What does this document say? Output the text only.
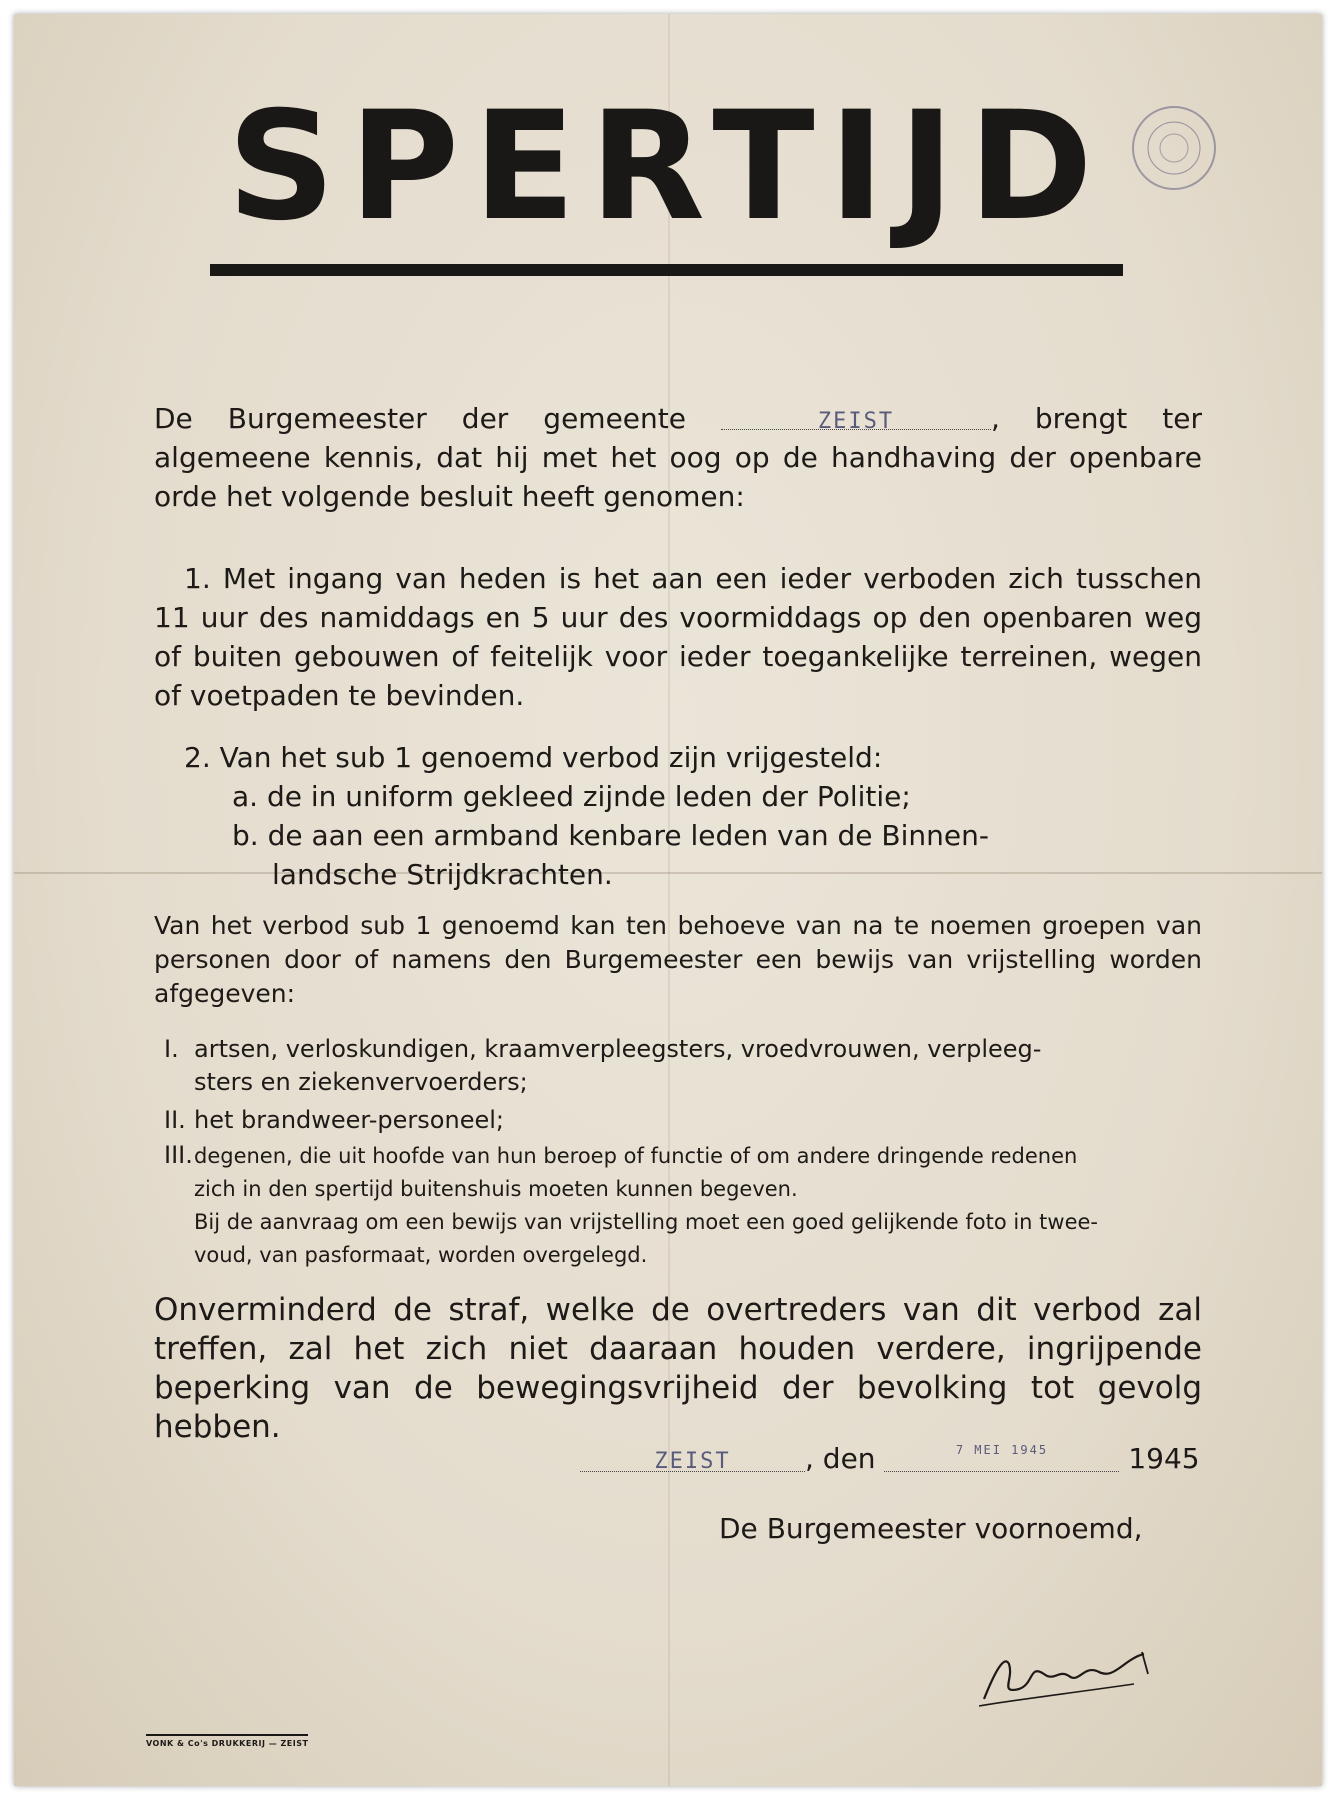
SPERTIJD
De Burgemeester der gemeente	ZEIST	, brengt ter algemeene kennis, dat hij met het oog op de handhaving der openbare orde het volgende besluit heeft genomen:
1. Met ingang van heden is het aan een ieder verboden zich tusschen 11 uur des namiddags en 5 uur des voormiddags op den openbaren weg of buiten gebouwen of feitelijk voor ieder toegankelijke terreinen, wegen of voetpaden te bevinden.
2. Van het sub 1 genoemd verbod zijn vrijgesteld:
a. de in uniform gekleed zijnde leden der Politie;
b. de aan een armband kenbare leden van de Binnen-
landsche Strijdkrachten.
Van het verbod sub 1 genoemd kan ten behoeve van na te noemen groepen van personen door of namens den Burgemeester een bewijs van vrijstelling worden afgegeven:
I. artsen, verloskundigen, kraamverpleegsters, vroedvrouwen, verpleeg-
sters en ziekenvervoerders;
II. het brandweer-personeel;
III.degenen, die uit hoofde van hun beroep of functie of om andere dringende redenen
zich in den spertijd buitenshuis moeten kunnen begeven.
Bij de aanvraag om een bewijs van vrijstelling moet een goed gelijkende foto in twee-
voud, van pasformaat, worden overgelegd.
Onverminderd de straf, welke de overtreders van dit verbod zal treffen, zal het zich niet daaraan houden verdere, ingrijpende beperking van de bewegingsvrijheid der bevolking tot gevolg hebben.
ZEIST	, den	$^{7 MEI 1945}$	1945
De Burgemeester voornoemd,
VONK & Co's DRUKKERIJ — ZEIST
